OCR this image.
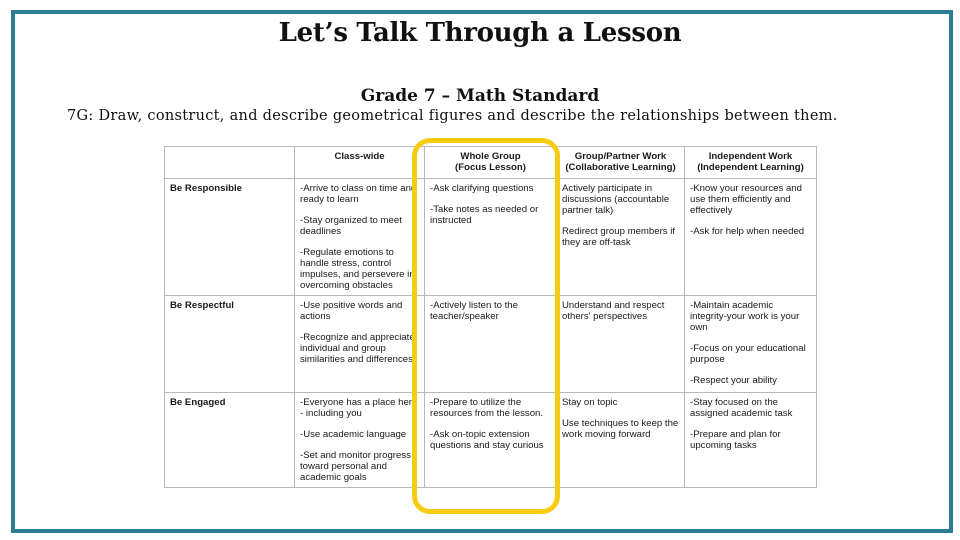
Let’s Talk Through a Lesson
Grade 7 – Math Standard
7G: Draw, construct, and describe geometrical figures and describe the relationships between them.

	Class-wide	Whole Group
(Focus Lesson)	Group/Partner Work
(Collaborative Learning)	Independent Work
(Independent Learning)

Be Responsible	-Arrive to class on time and ready to learn
-Stay organized to meet deadlines
-Regulate emotions to handle stress, control impulses, and persevere in overcoming obstacles	-Ask clarifying questions
-Take notes as needed or instructed	Actively participate in discussions (accountable partner talk)
Redirect group members if they are off-task	-Know your resources and use them efficiently and effectively
-Ask for help when needed

Be Respectful	-Use positive words and actions
-Recognize and appreciate individual and group similarities and differences	-Actively listen to the teacher/speaker	Understand and respect others' perspectives	-Maintain academic integrity-your work is your own
-Focus on your educational purpose
-Respect your ability

Be Engaged	-Everyone has a place here - including you
-Use academic language
-Set and monitor progress toward personal and academic goals	-Prepare to utilize the resources from the lesson.
-Ask on-topic extension questions and stay curious	Stay on topic
Use techniques to keep the work moving forward	-Stay focused on the assigned academic task
-Prepare and plan for upcoming tasks
